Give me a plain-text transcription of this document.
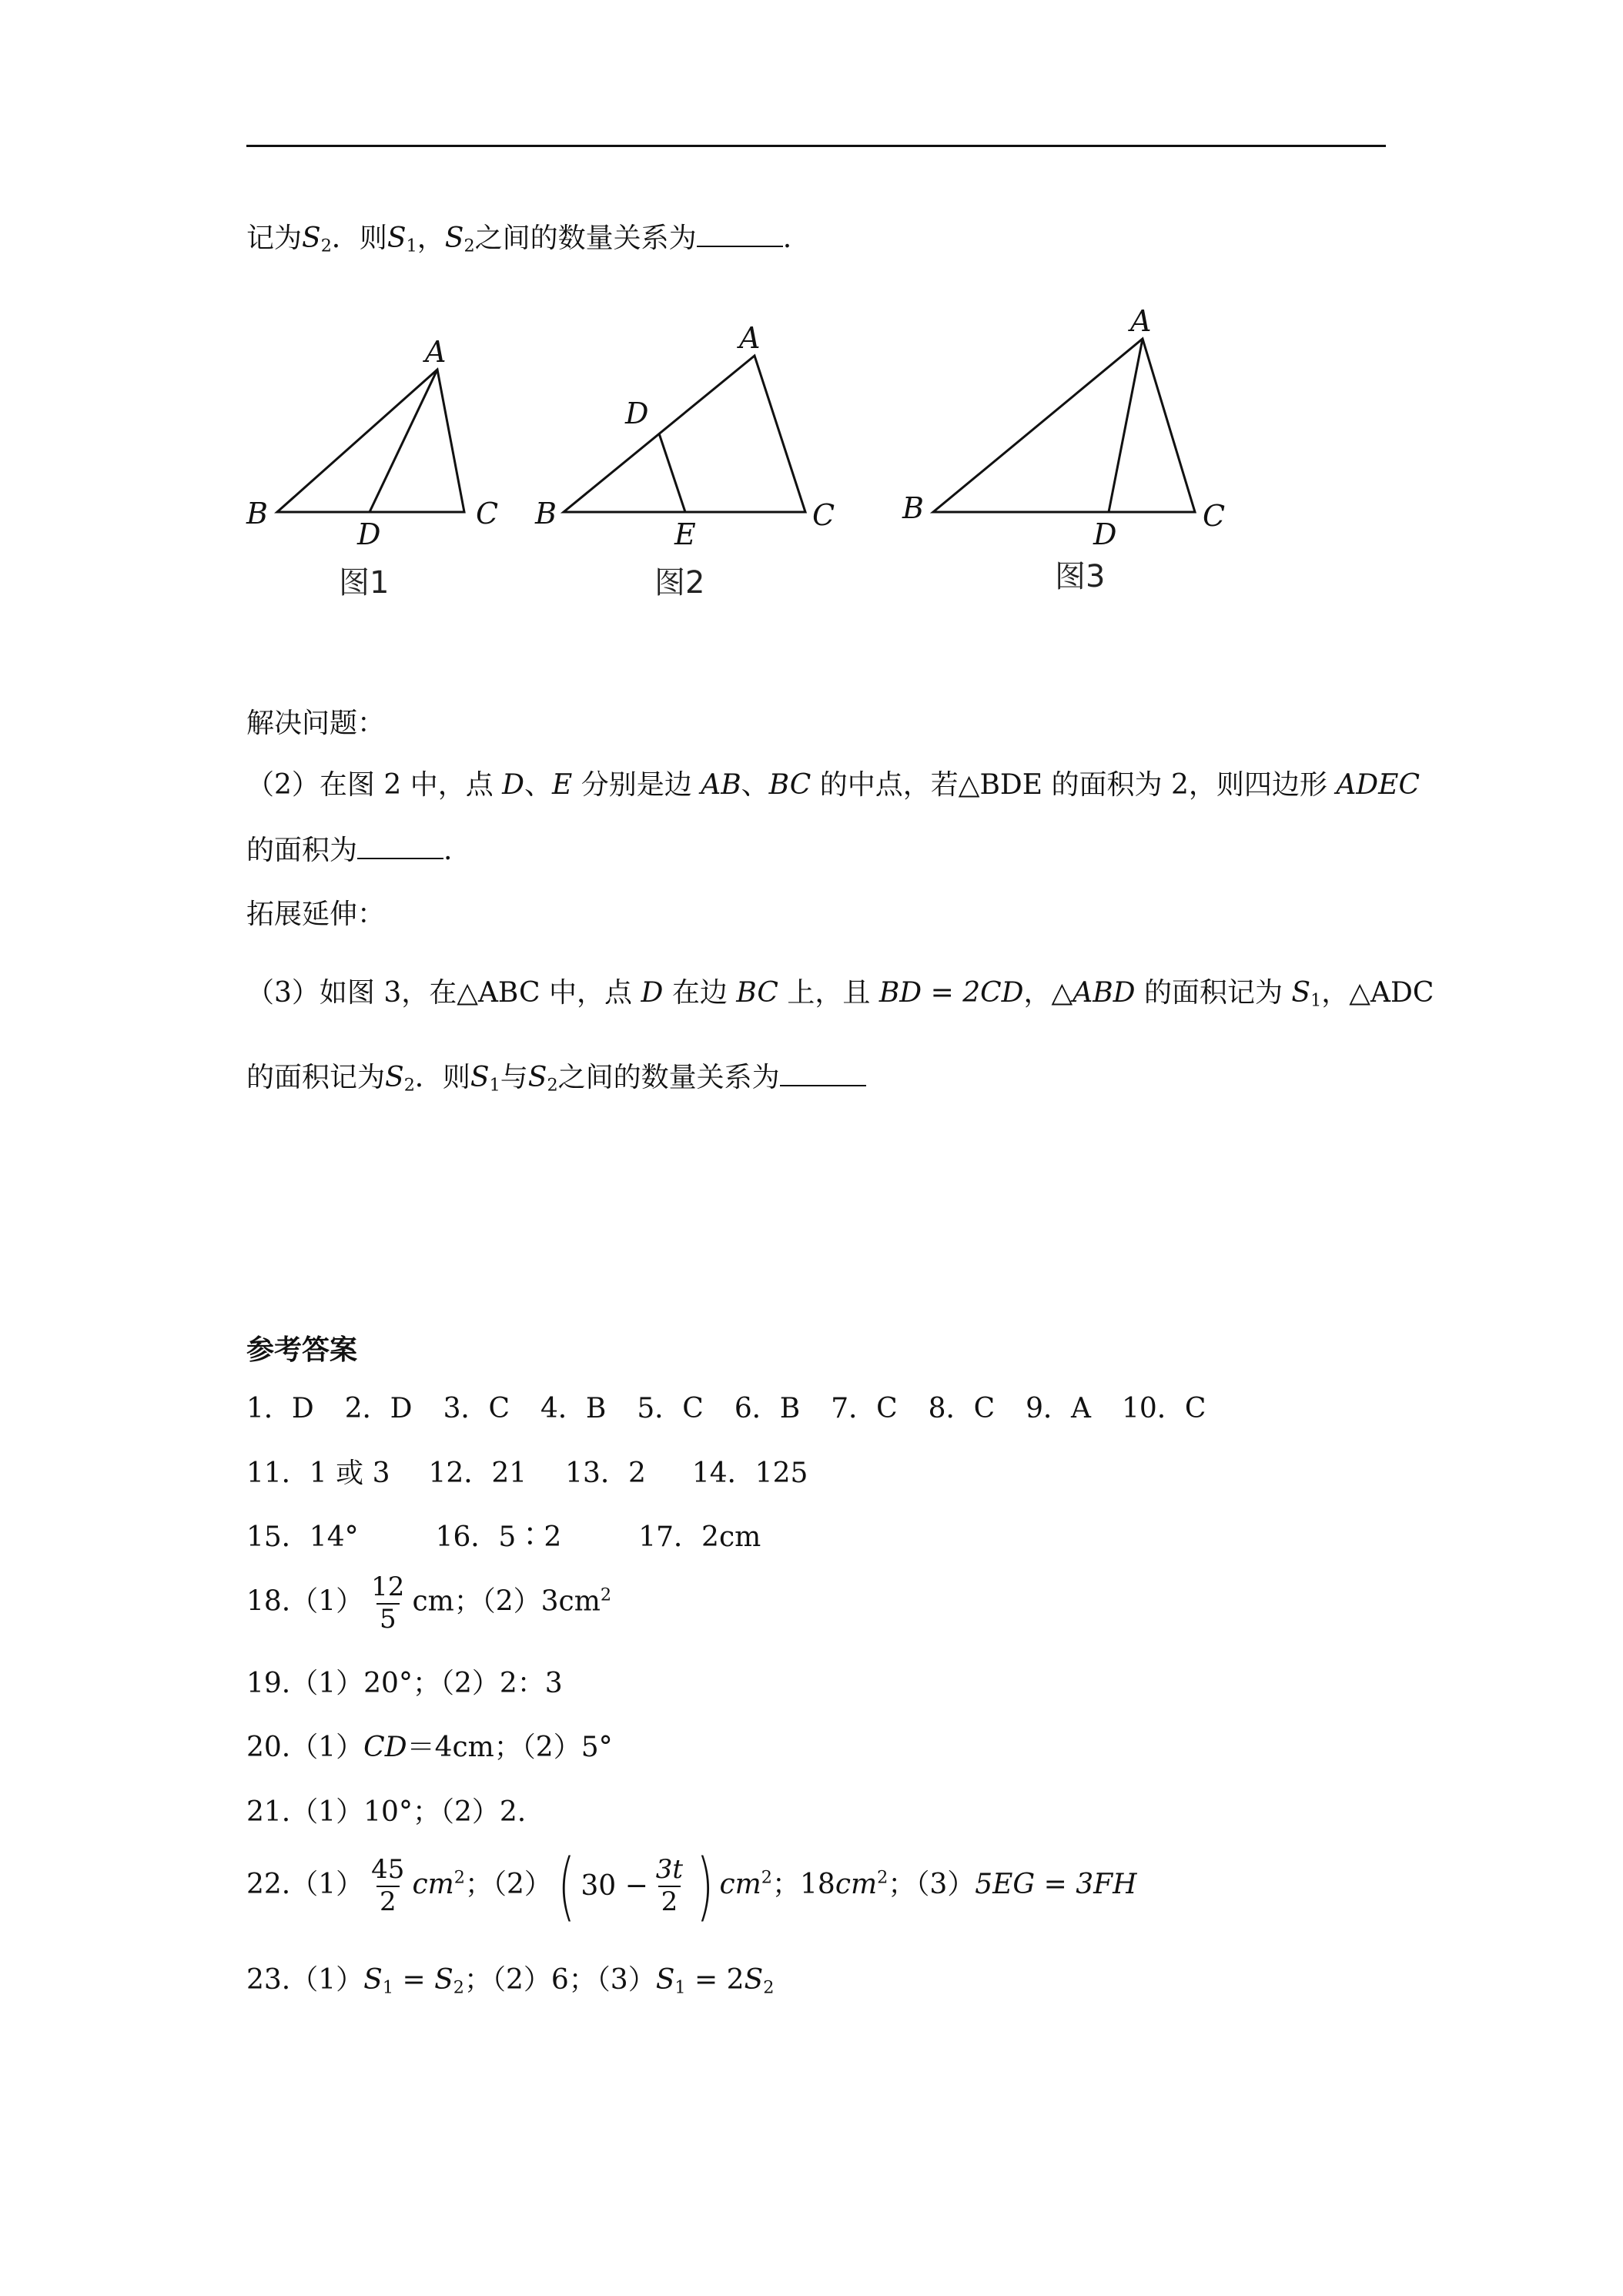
记为$S_2$．则$S_1$，$S_2$之间的数量关系为	.
A
B	C
D
图1
A
B	C
D
E
图2
A
B	C
D
图3
解决问题：
（2）在图 2 中，点 D、E 分别是边 AB、BC 的中点，若△BDE 的面积为 2，则四边形 ADEC
的面积为	.
拓展延伸：
（3）如图 3，在△ABC 中，点 D 在边 BC 上，且 BD = 2CD，△ABD 的面积记为 $S_1$，△ADC
的面积记为$S_2$．则$S_1$与$S_2$之间的数量关系为
参考答案
1．D 2．D 3．C 4．B 5．C 6．B 7．C 8．C 9．A 10．C
11．1 或 3 12．21 13．2 14．125
15．14°	16．5∶2	17．2cm
$18.(1) \frac{12}{5}$ cm；$(2)3cm^2$
19.（1）20°；（2）2：3
20.（1）CD＝4cm；（2）5°
21.（1）10°；（2）2.
$22.(1) \frac{45}{2} cm^2$；（2） ( $30 - \frac{3t}{2}$ ) $cm^2$；$18cm^2$；（3）5EG = 3FH
$23.(1)S_1 = S_2$；（2）6；$(3)S_1 = 2S_2$
